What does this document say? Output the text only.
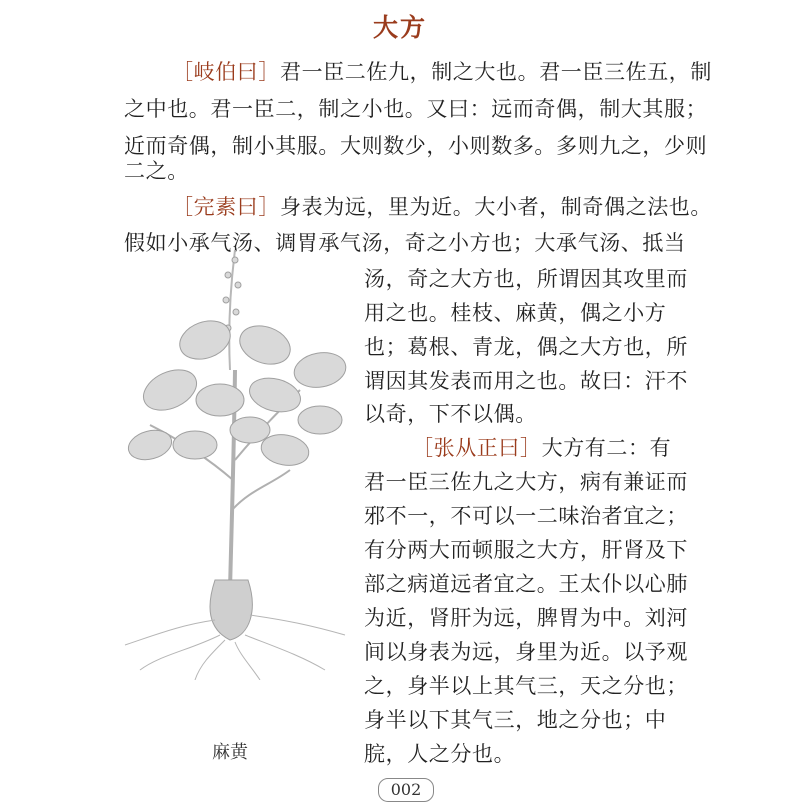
大方
［岐伯曰］君一臣二佐九，制之大也。君一臣三佐五，制
之中也。君一臣二，制之小也。又曰：远而奇偶，制大其服；
近而奇偶，制小其服。大则数少，小则数多。多则九之，少则
二之。
［完素曰］身表为远，里为近。大小者，制奇偶之法也。
假如小承气汤、调胃承气汤，奇之小方也；大承气汤、抵当
汤，奇之大方也，所谓因其攻里而
用之也。桂枝、麻黄，偶之小方
也；葛根、青龙，偶之大方也，所
谓因其发表而用之也。故曰：汗不
以奇，下不以偶。
［张从正曰］大方有二：有
君一臣三佐九之大方，病有兼证而
邪不一，不可以一二味治者宜之；
有分两大而顿服之大方，肝肾及下
部之病道远者宜之。王太仆以心肺
为近，肾肝为远，脾胃为中。刘河
间以身表为远，身里为近。以予观
之，身半以上其气三，天之分也；
身半以下其气三，地之分也；中
脘，人之分也。
麻黄
002
